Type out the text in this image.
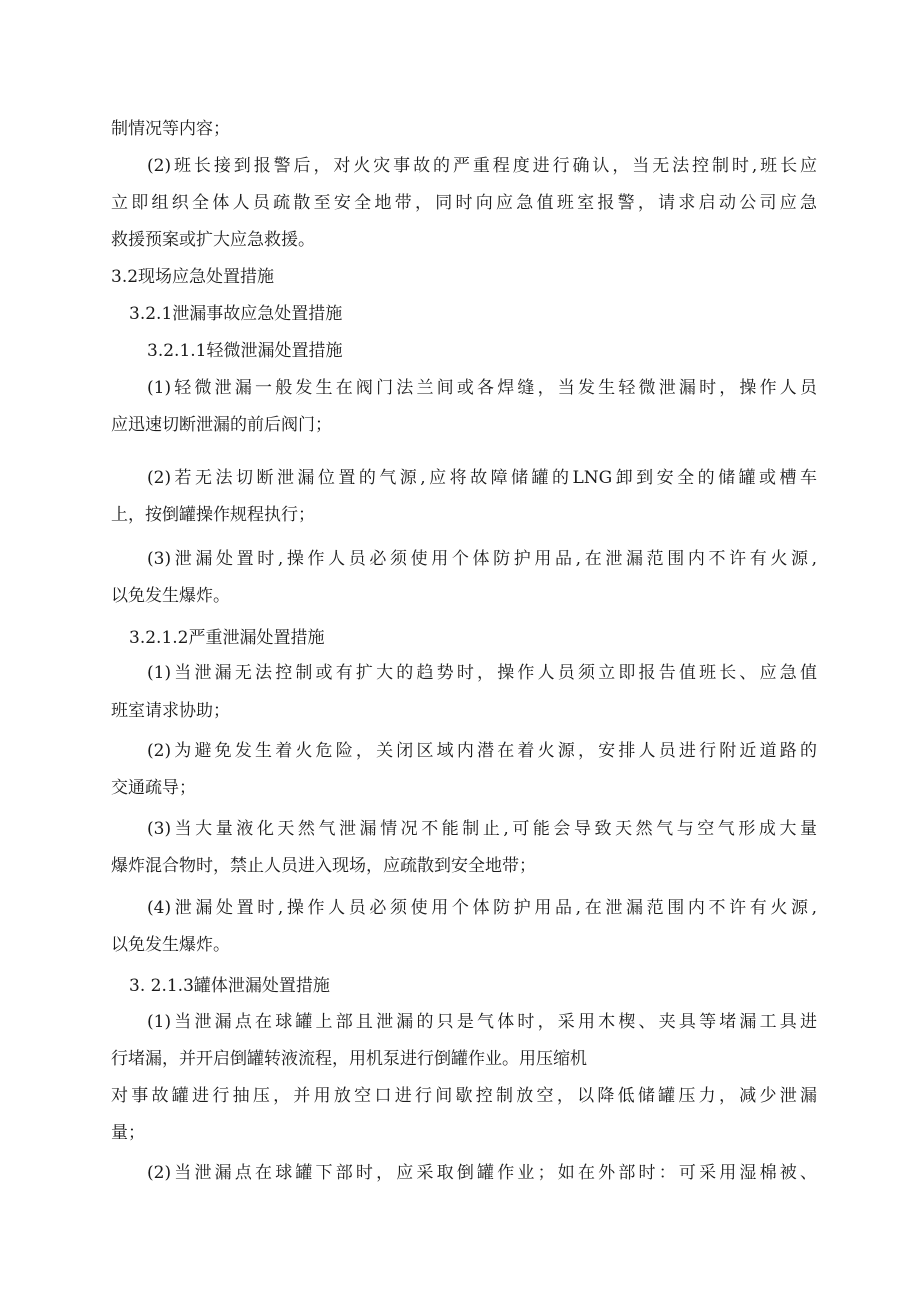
制情况等内容；
(2)班长接到报警后，对火灾事故的严重程度进行确认，当无法控制时,班长应
立即组织全体人员疏散至安全地带，同时向应急值班室报警，请求启动公司应急
救援预案或扩大应急救援。
3.2现场应急处置措施
3.2.1泄漏事故应急处置措施
3.2.1.1轻微泄漏处置措施
(1)轻微泄漏一般发生在阀门法兰间或各焊缝，当发生轻微泄漏时，操作人员
应迅速切断泄漏的前后阀门；
(2)若无法切断泄漏位置的气源,应将故障储罐的LNG卸到安全的储罐或槽车
上，按倒罐操作规程执行；
(3)泄漏处置时,操作人员必须使用个体防护用品,在泄漏范围内不许有火源,
以免发生爆炸。
3.2.1.2严重泄漏处置措施
(1)当泄漏无法控制或有扩大的趋势时，操作人员须立即报告值班长、应急值
班室请求协助；
(2)为避免发生着火危险，关闭区域内潜在着火源，安排人员进行附近道路的
交通疏导；
(3)当大量液化天然气泄漏情况不能制止,可能会导致天然气与空气形成大量
爆炸混合物时，禁止人员进入现场，应疏散到安全地带；
(4)泄漏处置时,操作人员必须使用个体防护用品,在泄漏范围内不许有火源,
以免发生爆炸。
3. 2.1.3罐体泄漏处置措施
(1)当泄漏点在球罐上部且泄漏的只是气体时，采用木楔、夹具等堵漏工具进
行堵漏，并开启倒罐转液流程，用机泵进行倒罐作业。用压缩机
对事故罐进行抽压，并用放空口进行间歇控制放空，以降低储罐压力，减少泄漏
量；
(2)当泄漏点在球罐下部时，应采取倒罐作业；如在外部时：可采用湿棉被、
